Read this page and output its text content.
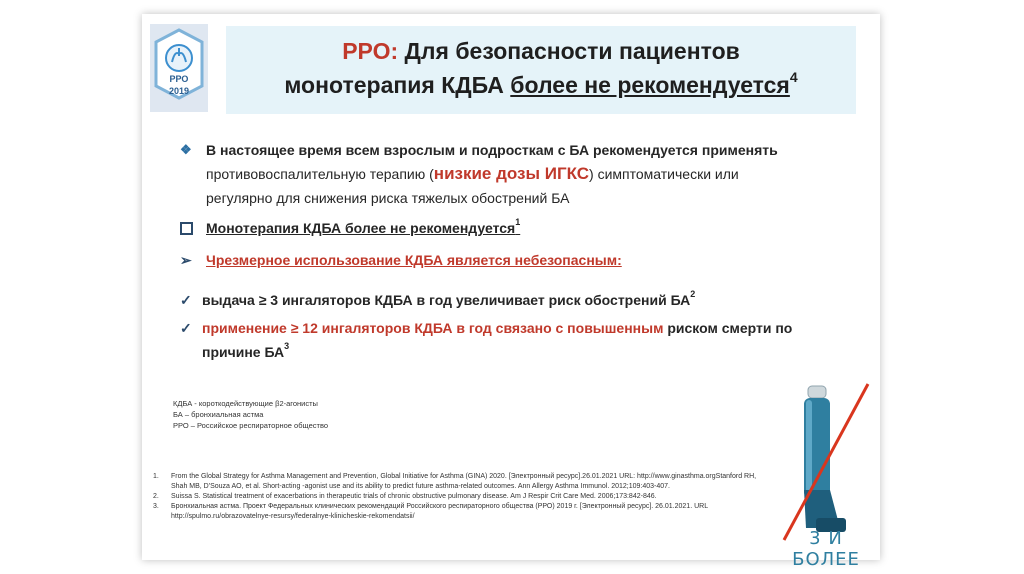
РРО
2019
РРО: Для безопасности пациентов
монотерапия КДБА более не рекомендуется$^4$
❖ В настоящее время всем взрослым и подросткам с БА рекомендуется применять
противовоспалительную терапию (низкие дозы ИГКС) симптоматически или
регулярно для снижения риска тяжелых обострений БА
Монотерапия КДБА более не рекомендуется$^1$
➢ Чрезмерное использование КДБА является небезопасным:
✓ выдача ≥ 3 ингаляторов КДБА в год увеличивает риск обострений $БА^2$
✓ применение ≥ 12 ингаляторов КДБА в год связано с повышенным риском смерти по
причине $БА^3$
КДБА - короткодействующие β2-агонисты
БА – бронхиальная астма
РРО – Российское респираторное общество
1. From the Global Strategy for Asthma Management and Prevention, Global Initiative for Asthma (GINA) 2020. [Электронный ресурс].26.01.2021 URL: http://www.ginasthma.orgStanford RH, Shah MB, D'Souza AO, et al. Short-acting -agonist use and its ability to predict future asthma-related outcomes. Ann Allergy Asthma Immunol. 2012;109:403-407.
2. Suissa S. Statistical treatment of exacerbations in therapeutic trials of chronic obstructive pulmonary disease. Am J Respir Crit Care Med. 2006;173:842-846.
3. Бронхиальная астма. Проект Федеральных клинических рекомендаций Российского респираторного общества (РРО) 2019 г. [Электронный ресурс]. 26.01.2021. URL http://spulmo.ru/obrazovatelnye-resursy/federalnye-klinicheskie-rekomendatsii/
3 И БОЛЕЕ
